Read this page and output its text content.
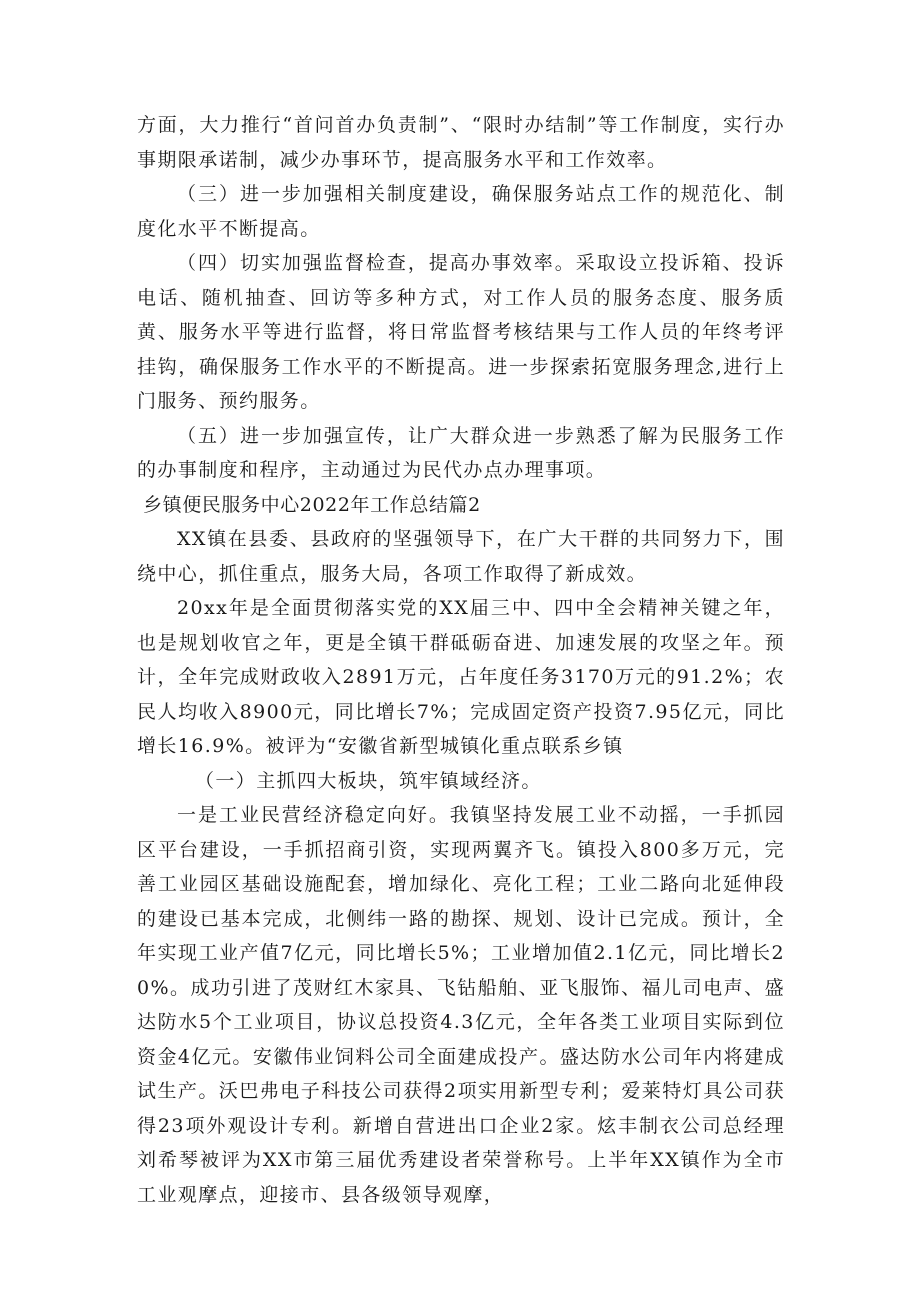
方面，大力推行“首问首办负责制”、“限时办结制”等工作制度，实行办事期限承诺制，减少办事环节，提高服务水平和工作效率。

（三）进一步加强相关制度建设，确保服务站点工作的规范化、制度化水平不断提高。

（四）切实加强监督检查，提高办事效率。采取设立投诉箱、投诉电话、随机抽查、回访等多种方式，对工作人员的服务态度、服务质黄、服务水平等进行监督，将日常监督考核结果与工作人员的年终考评挂钩，确保服务工作水平的不断提高。进一步探索拓宽服务理念,进行上门服务、预约服务。

（五）进一步加强宣传，让广大群众进一步熟悉了解为民服务工作的办事制度和程序，主动通过为民代办点办理事项。

乡镇便民服务中心2022年工作总结篇2

XX镇在县委、县政府的坚强领导下，在广大干群的共同努力下，围绕中心，抓住重点，服务大局，各项工作取得了新成效。

20xx年是全面贯彻落实党的XX届三中、四中全会精神关键之年，也是规划收官之年，更是全镇干群砥砺奋进、加速发展的攻坚之年。预计，全年完成财政收入2891万元，占年度任务3170万元的91.2%；农民人均收入8900元，同比增长7%；完成固定资产投资7.95亿元，同比增长16.9%。被评为“安徽省新型城镇化重点联系乡镇

（一）主抓四大板块，筑牢镇域经济。

一是工业民营经济稳定向好。我镇坚持发展工业不动摇，一手抓园区平台建设，一手抓招商引资，实现两翼齐飞。镇投入800多万元，完善工业园区基础设施配套，增加绿化、亮化工程；工业二路向北延伸段的建设已基本完成，北侧纬一路的勘探、规划、设计已完成。预计，全年实现工业产值7亿元，同比增长5%；工业增加值2.1亿元，同比增长20%。成功引进了茂财红木家具、飞钻船舶、亚飞服饰、福儿司电声、盛达防水5个工业项目，协议总投资4.3亿元，全年各类工业项目实际到位资金4亿元。安徽伟业饲料公司全面建成投产。盛达防水公司年内将建成试生产。沃巴弗电子科技公司获得2项实用新型专利；爱莱特灯具公司获得23项外观设计专利。新增自营进出口企业2家。炫丰制衣公司总经理刘希琴被评为XX市第三届优秀建设者荣誉称号。上半年XX镇作为全市工业观摩点，迎接市、县各级领导观摩，
